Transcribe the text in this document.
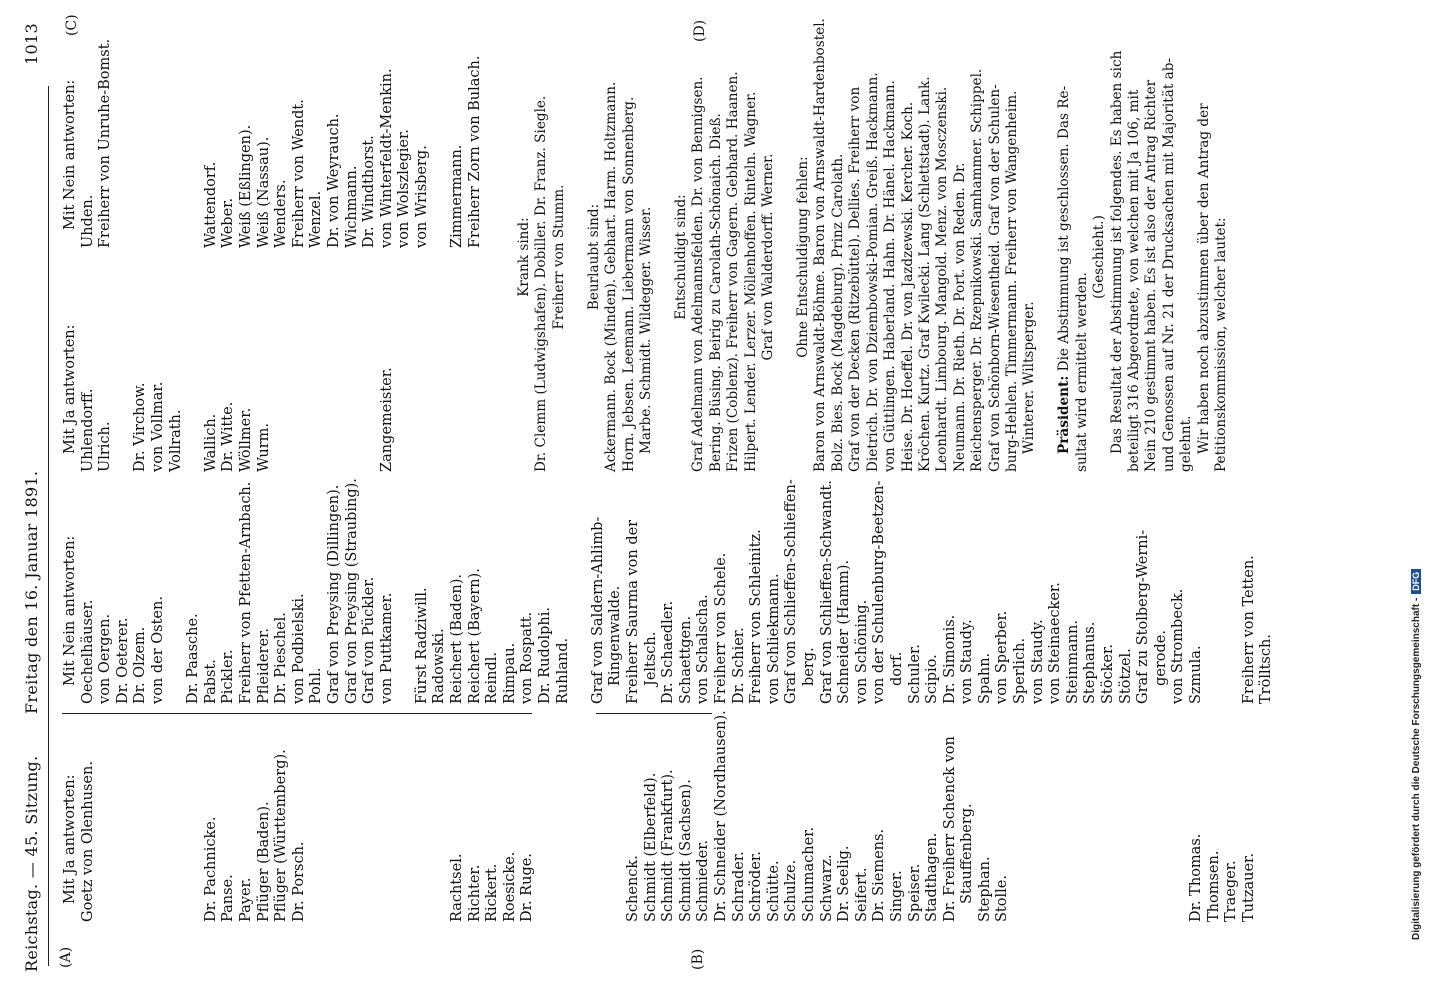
Reichstag. — 45. Sitzung.
Freitag den 16. Januar 1891.
1013
(A)	(B)
(C)	(D)
Mit Ja antworten: Goetz von Olenhusen.	Dr. Pachnicke. Panse. Payer. Pflüger (Baden). Pflüger (Württemberg). Dr. Porsch.	Rachtsel. Richter. Rickert. Roesicke. Dr. Ruge.	Schenck. Schmidt (Elberfeld). Schmidt (Frankfurt). Schmidt (Sachsen). Schmieder. Dr. Schneider (Nordhausen). Schrader. Schröder. Schütte. Schulze. Schumacher. Schwarz. Dr. Seelig. Seifert. Dr. Siemens. Singer. Speiser. Stadthagen. Dr. Freiherr Schenck von Stauffenberg. Stephan. Stolle.	Dr. Thomas. Thomsen. Traeger. Tutzauer.
Mit Nein antworten: Oechelhäuser. von Oergen. Dr. Oeterer. Dr. Olzem. von der Osten. Dr. Paasche. Pabst. Pickler. Freiherr von Pfetten-Arnbach. Pfleiderer. Dr. Pieschel. von Podbielski. Pohl. Graf von Preysing (Dillingen). Graf von Preysing (Straubing). Graf von Pückler. von Puttkamer. Fürst Radziwill. Radowski. Reichert (Baden). Reichert (Bayern). Reindl. Rimpau. von Rospatt. Dr. Rudolphi. Ruhland. Graf von Saldern-Ahlimb- Ringenwalde. Freiherr Saurma von der Jeltsch. Dr. Schaedler. Schaettgen. von Schalscha. Freiherr von Schele. Dr. Schier. Freiherr von Schleinitz. von Schliekmann. Graf von Schlieffen-Schlieffen- berg. Graf von Schlieffen-Schwandt. Schneider (Hamm). von Schöning. von der Schulenburg-Beetzen- dorf. Schuler. Scipio. Dr. Simonis. von Staudy. Spahn. von Sperber. Sperlich. von Staudy. von Steinaecker. Steinmann. Stephanus. Stöcker. Stötzel. Graf zu Stolberg-Werni- gerode. von Strombeck. Szmula.	Freiherr von Tetten. Trölltsch.
Mit Ja antworten: Uhlendorff. Ulrich. Dr. Virchow. von Vollmar. Vollrath. Wallich. Dr. Witte. Wöllmer. Wurm.	Zangemeister.
Mit Nein antworten: Uhden. Freiherr von Unruhe-Bomst.	Wattendorf. Weber. Weiß (Eßlingen). Weiß (Nassau). Wenders. Freiherr von Wendt. Wenzel. Dr. von Weyrauch. Wichmann. Dr. Windthorst. von Winterfeldt-Menkin. von Wolszlegier. von Wrisberg. Zimmermann. Freiherr Zorn von Bulach.
Krank sind: Dr. Clemm (Ludwigshafen). Dobiller. Dr. Franz. Siegle. Freiherr von Stumm. Beurlaubt sind: Ackermann. Bock (Minden). Gebhart. Harm. Holtzmann. Horn. Jebsen. Leemann. Liebermann von Sonnenberg. Marbe. Schmidt. Wildegger. Wisser. Entschuldigt sind: Graf Adelmann von Adelmannsfelden. Dr. von Bennigsen. Bering. Büsing. Beirig zu Carolath-Schönaich. Dieß. Frizen (Coblenz). Freiherr von Gagern. Gebhard. Haanen. Hilpert. Lender. Lerzer. Möllenhoffen. Rinteln. Wagner. Graf von Walderdorff. Werner. Ohne Entschuldigung fehlen: Baron von Arnswaldt-Böhme. Baron von Arnswaldt-Hardenbostel. Bolz. Bies. Bock (Magdeburg). Prinz Carolath. Graf von der Decken (Ritzebüttel). Dellies. Freiherr von Dietrich. Dr. von Dziembowski-Pomian. Greiß. Hackmann. von Güttlingen. Haberland. Hahn. Dr. Hänel. Hackmann. Heise. Dr. Hoeffel. Dr. von Jazdzewski. Kercher. Koch. Kröchen. Kurtz. Graf Kwilecki. Lang (Schlettstadt). Lank. Leonhardt. Limbourg. Mangold. Menz. von Mosczenski. Neumann. Dr. Rieth. Dr. Port. von Reden. Dr. Reichensperger. Dr. Rzepnikowski. Samhammer. Schippel. Graf von Schönborn-Wiesentheid. Graf von der Schulen- burg-Hehlen. Timmermann. Freiherr von Wangenheim. Winterer. Wiltsperger. Präsident: Die Abstimmung ist geschlossen. Das Re-
sultat wird ermittelt werden.
(Geschieht.) Das Resultat der Abstimmung ist folgendes. Es haben sich beteiligt 316 Abgeordnete, von welchen mit Ja 106, mit Nein 210 gestimmt haben. Es ist also der Antrag Richter und Genossen auf Nr. 21 der Drucksachen mit Majorität ab- gelehnt. Wir haben noch abzustimmen über den Antrag der Petitionskommission, welcher lautet:
Digitalisierung gefördert durch die Deutsche Forschungsgemeinschaft -DFG
